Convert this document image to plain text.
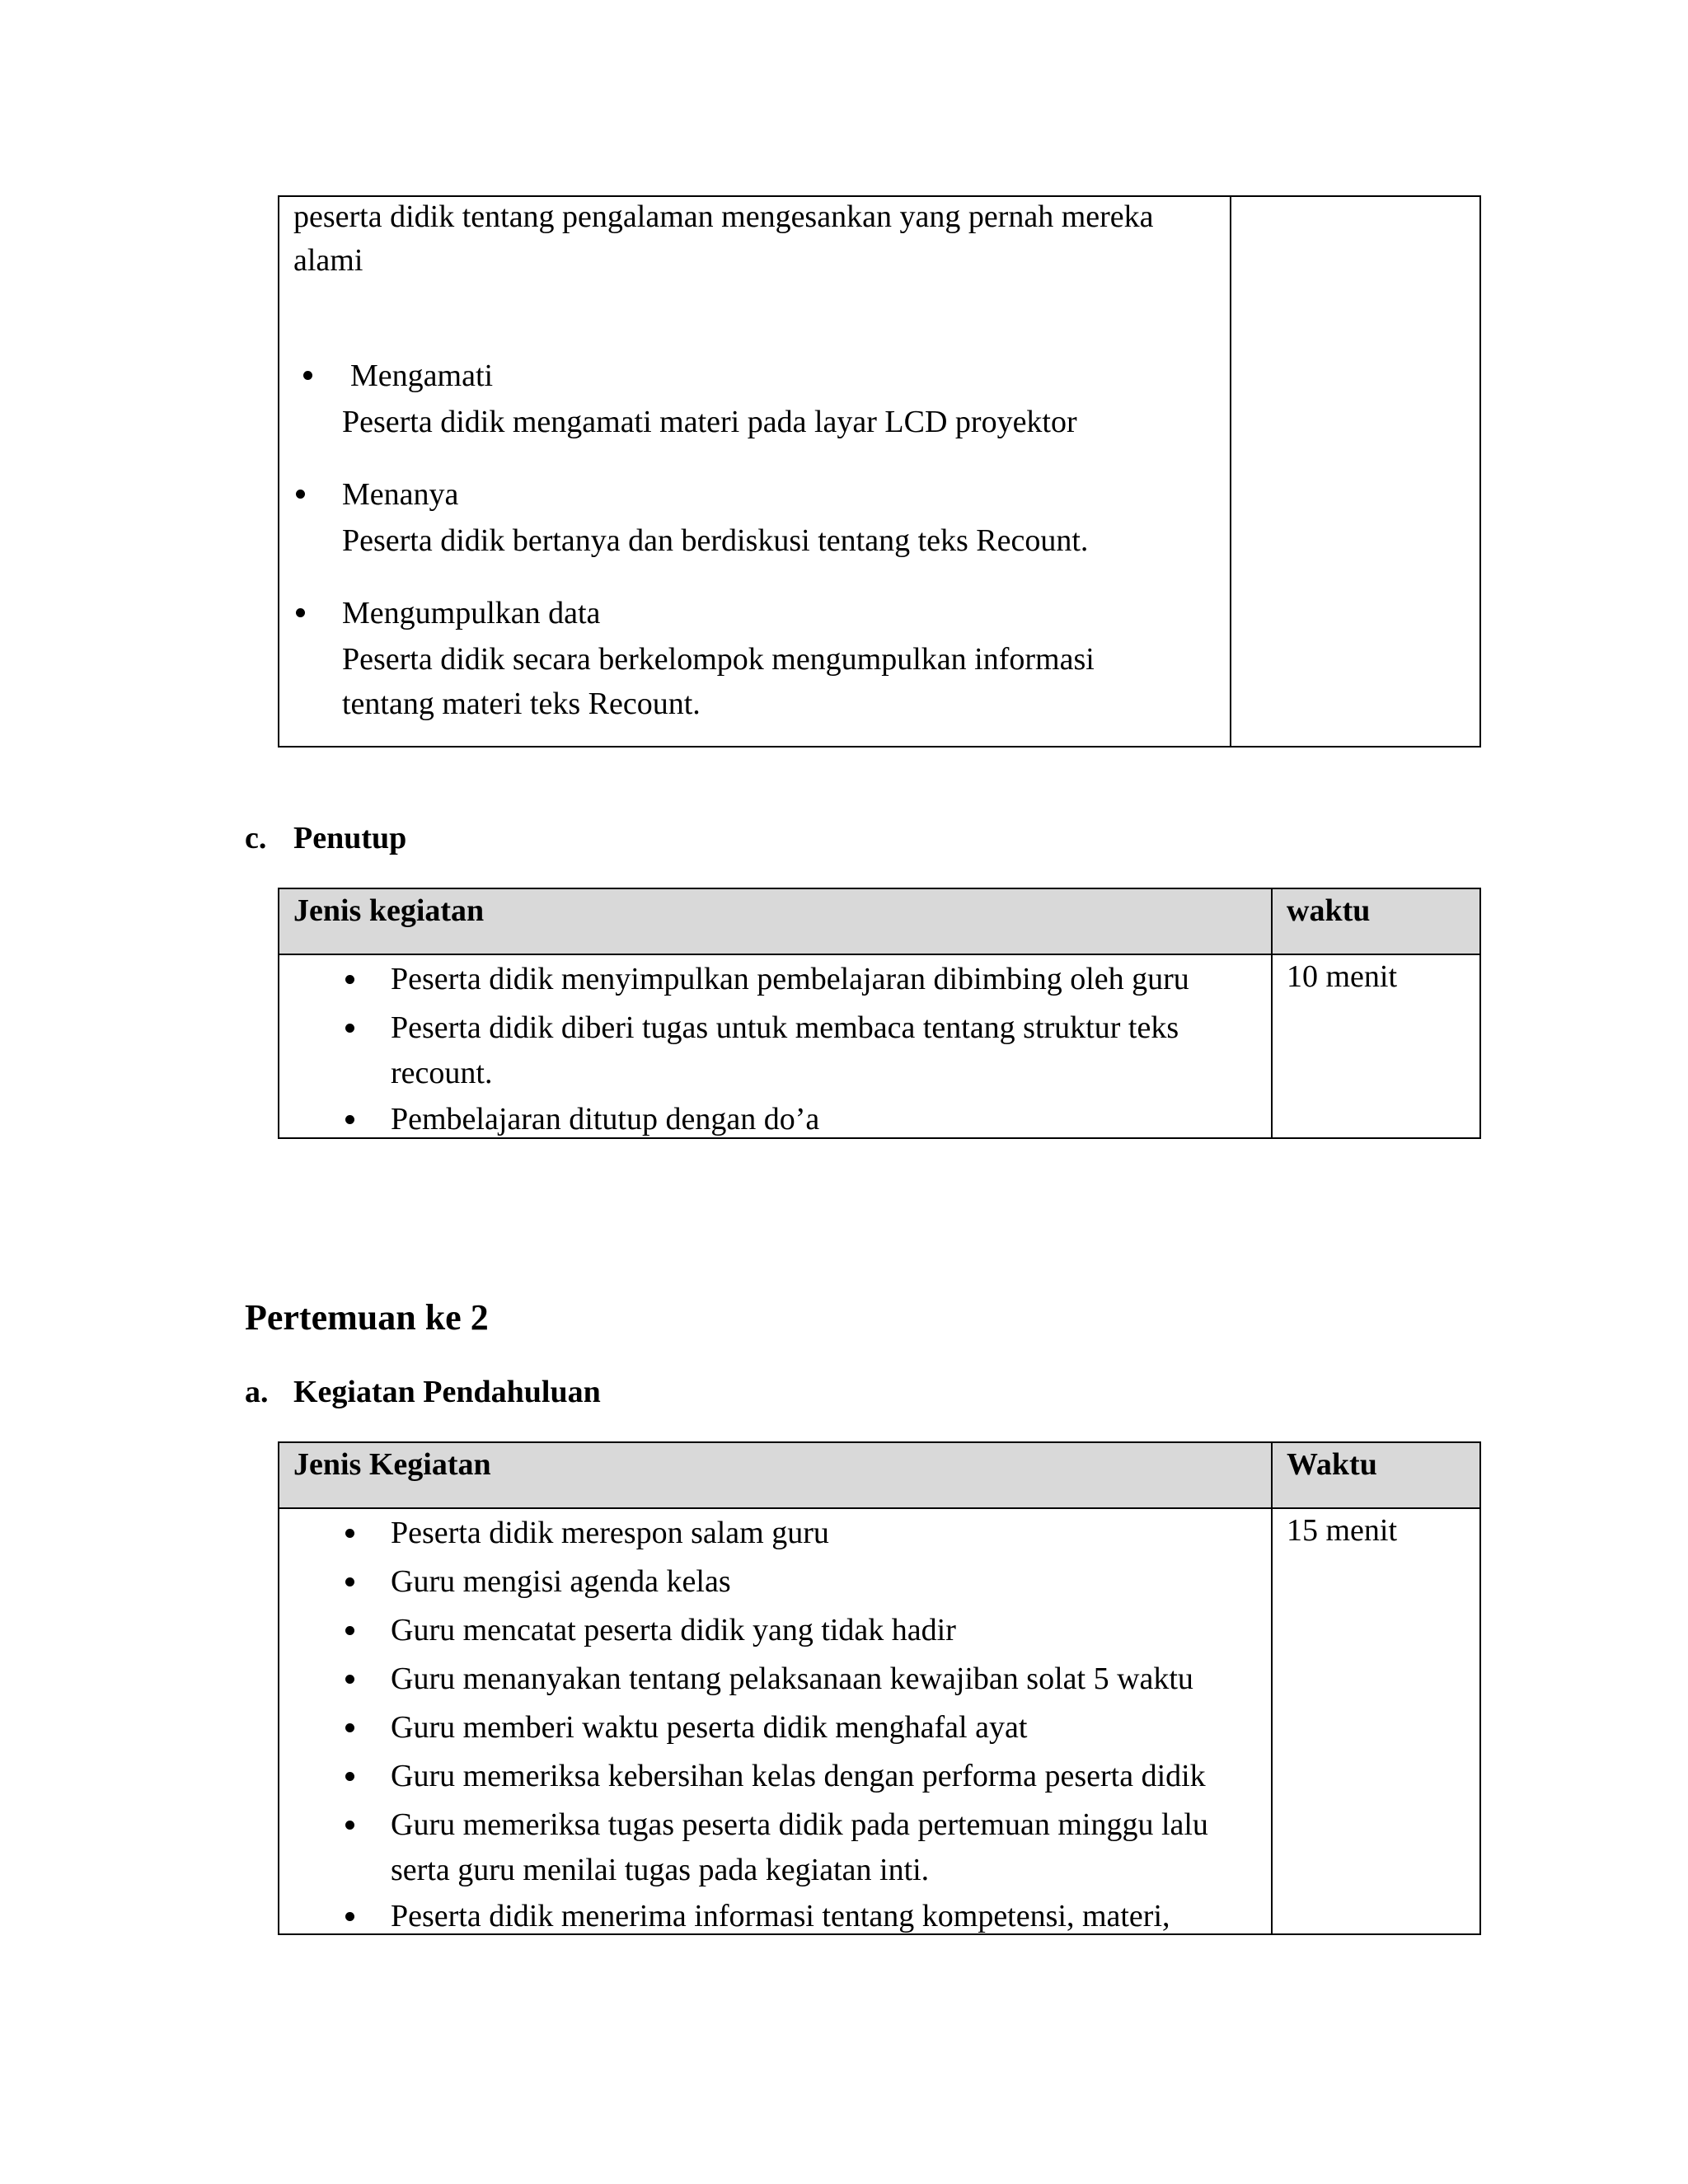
peserta didik tentang pengalaman mengesankan yang pernah mereka
alami
Mengamati
Peserta didik mengamati materi pada layar LCD proyektor
Menanya
Peserta didik bertanya dan berdiskusi tentang teks Recount.
Mengumpulkan data
Peserta didik secara berkelompok mengumpulkan informasi
tentang materi teks Recount.
c. Penutup
Jenis kegiatan	waktu
Peserta didik menyimpulkan pembelajaran dibimbing oleh guru
Peserta didik diberi tugas untuk membaca tentang struktur teks
recount.
Pembelajaran ditutup dengan do’a
10 menit
Pertemuan ke 2
a. Kegiatan Pendahuluan
Jenis Kegiatan	Waktu
Peserta didik merespon salam guru
Guru mengisi agenda kelas
Guru mencatat peserta didik yang tidak hadir
Guru menanyakan tentang pelaksanaan kewajiban solat 5 waktu
Guru memberi waktu peserta didik menghafal ayat
Guru memeriksa kebersihan kelas dengan performa peserta didik
Guru memeriksa tugas peserta didik pada pertemuan minggu lalu
serta guru menilai tugas pada kegiatan inti.
Peserta didik menerima informasi tentang kompetensi, materi,
15 menit
